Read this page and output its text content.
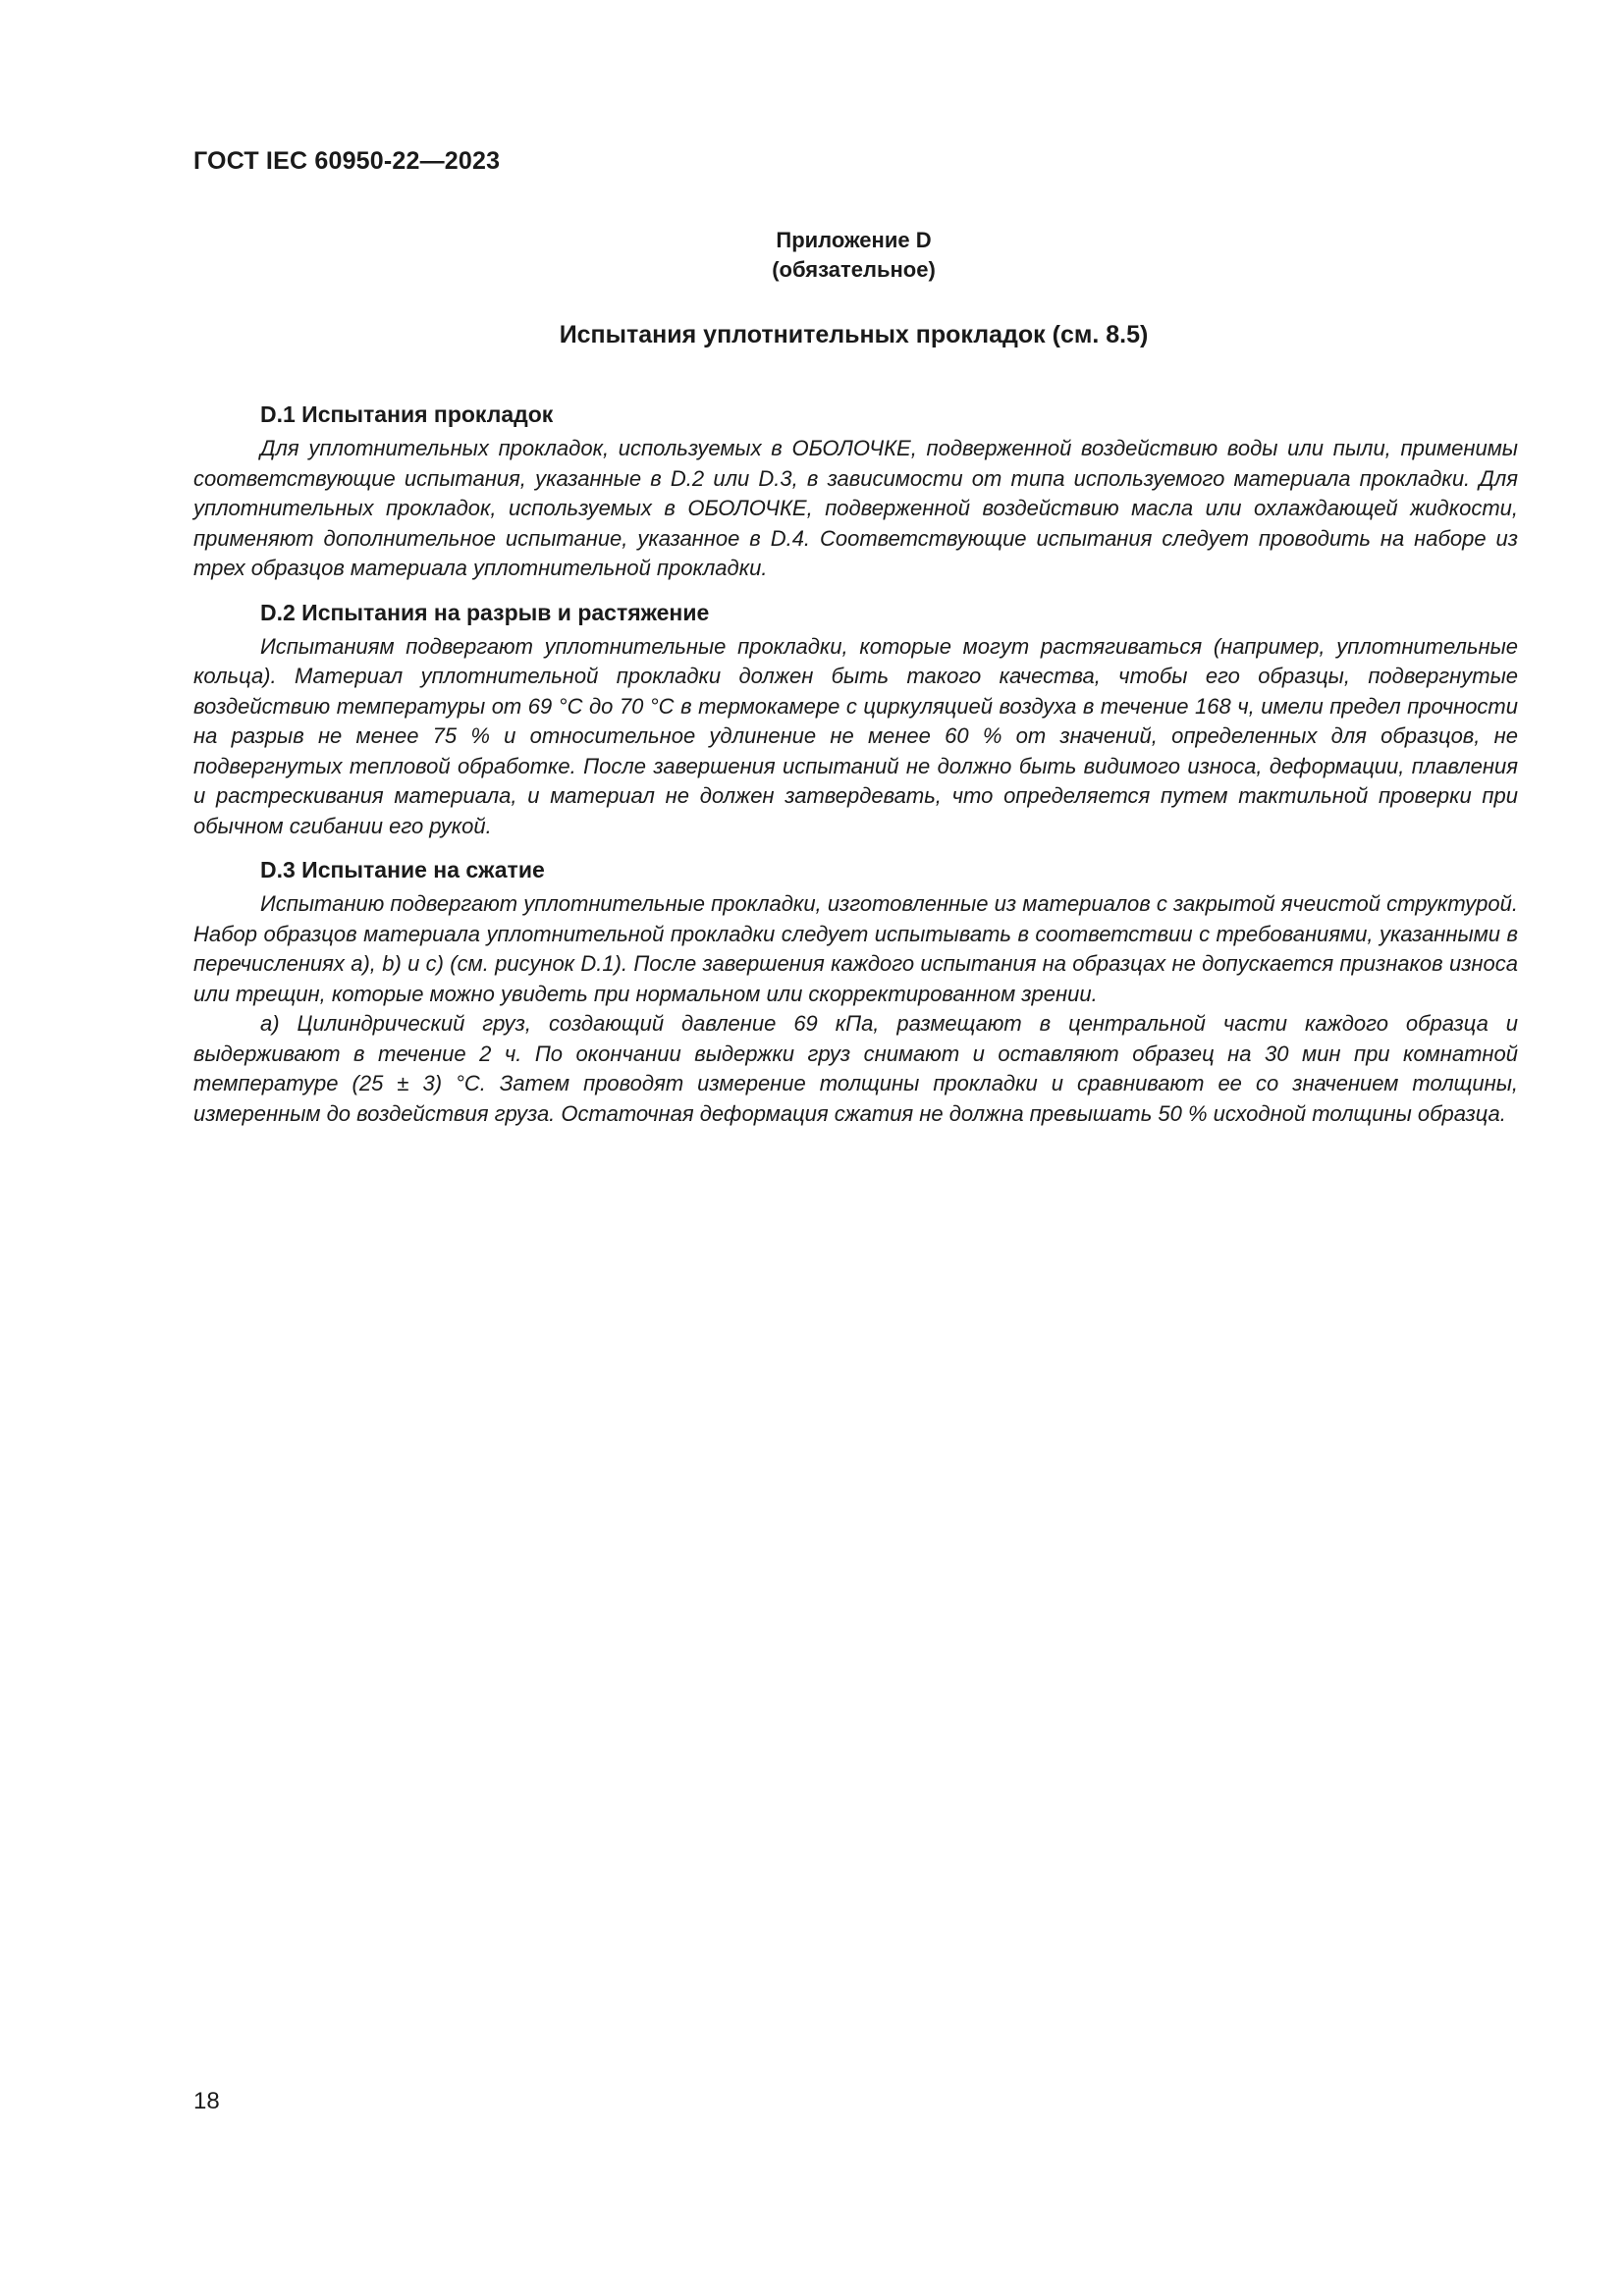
ГОСТ IEC 60950-22—2023
Приложение D
(обязательное)
Испытания уплотнительных прокладок (см. 8.5)
D.1 Испытания прокладок

Для уплотнительных прокладок, используемых в ОБОЛОЧКЕ, подверженной воздействию воды или пыли, применимы соответствующие испытания, указанные в D.2 или D.3, в зависимости от типа используемого материала прокладки. Для уплотнительных прокладок, используемых в ОБОЛОЧКЕ, подверженной воздействию масла или охлаждающей жидкости, применяют дополнительное испытание, указанное в D.4. Соответствующие испытания следует проводить на наборе из трех образцов материала уплотнительной прокладки.

D.2 Испытания на разрыв и растяжение

Испытаниям подвергают уплотнительные прокладки, которые могут растягиваться (например, уплотнительные кольца). Материал уплотнительной прокладки должен быть такого качества, чтобы его образцы, подвергнутые воздействию температуры от 69 °C до 70 °C в термокамере с циркуляцией воздуха в течение 168 ч, имели предел прочности на разрыв не менее 75 % и относительное удлинение не менее 60 % от значений, определенных для образцов, не подвергнутых тепловой обработке. После завершения испытаний не должно быть видимого износа, деформации, плавления и растрескивания материала, и материал не должен затвердевать, что определяется путем тактильной проверки при обычном сгибании его рукой.

D.3 Испытание на сжатие

Испытанию подвергают уплотнительные прокладки, изготовленные из материалов с закрытой ячеистой структурой. Набор образцов материала уплотнительной прокладки следует испытывать в соответствии с требованиями, указанными в перечислениях a), b) и c) (см. рисунок D.1). После завершения каждого испытания на образцах не допускается признаков износа или трещин, которые можно увидеть при нормальном или скорректированном зрении.

a) Цилиндрический груз, создающий давление 69 кПа, размещают в центральной части каждого образца и выдерживают в течение 2 ч. По окончании выдержки груз снимают и оставляют образец на 30 мин при комнатной температуре (25 ± 3) °C. Затем проводят измерение толщины прокладки и сравнивают ее со значением толщины, измеренным до воздействия груза. Остаточная деформация сжатия не должна превышать 50 % исходной толщины образца.

18
